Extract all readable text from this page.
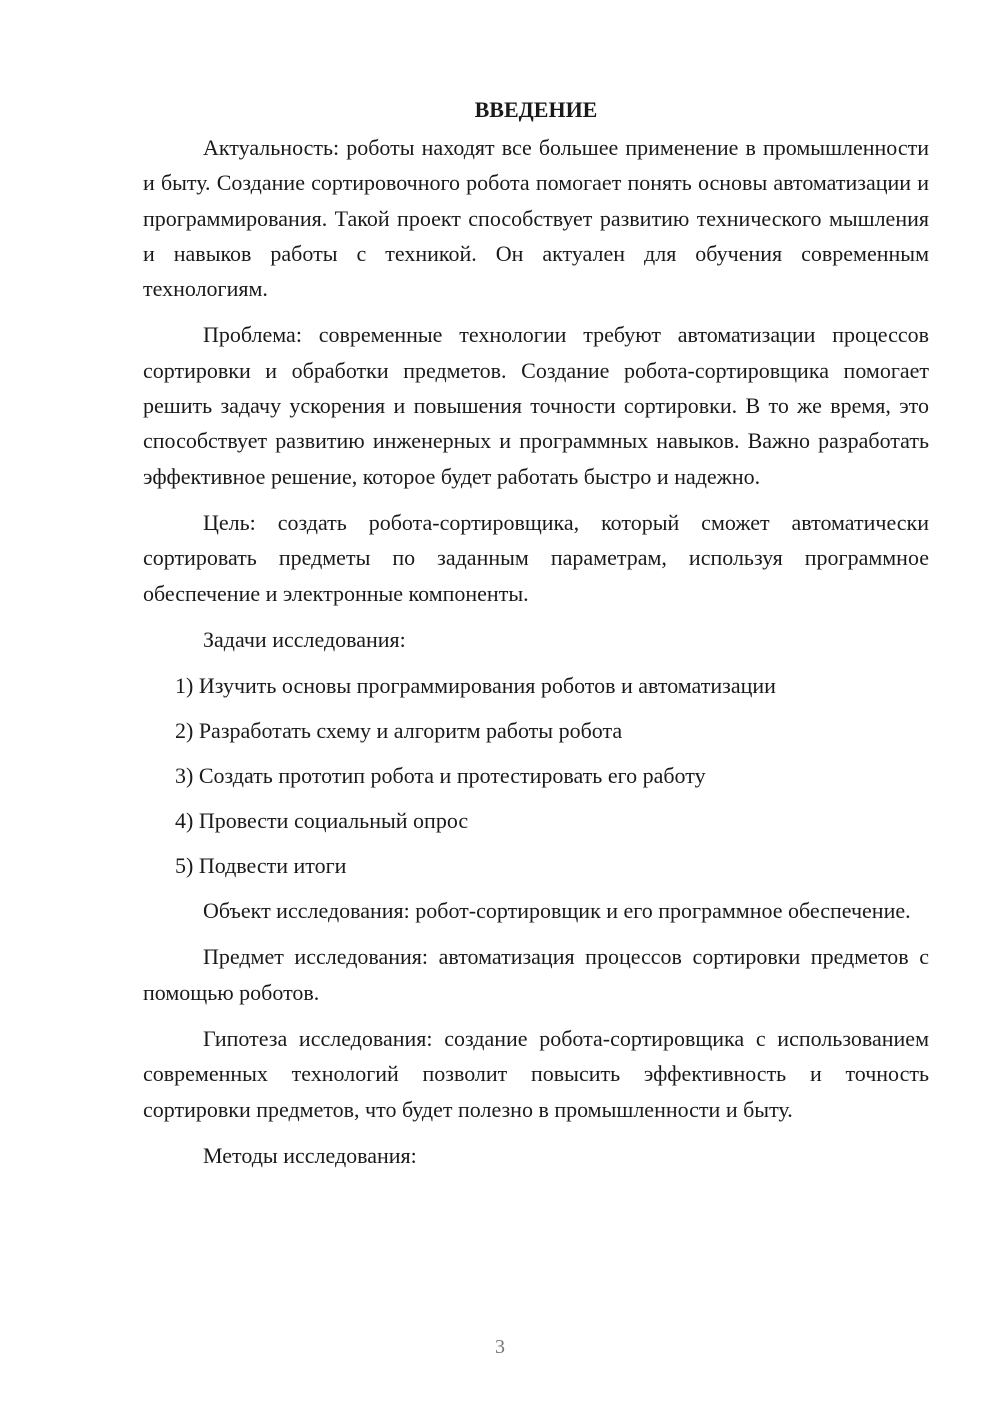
ВВЕДЕНИЕ

Актуальность: роботы находят все большее применение в промышленности и быту. Создание сортировочного робота помогает понять основы автоматизации и программирования. Такой проект способствует развитию технического мышления и навыков работы с техникой. Он актуален для обучения современным технологиям.

Проблема: современные технологии требуют автоматизации процессов сортировки и обработки предметов. Создание робота-сортировщика помогает решить задачу ускорения и повышения точности сортировки. В то же время, это способствует развитию инженерных и программных навыков. Важно разработать эффективное решение, которое будет работать быстро и надежно.

Цель: создать робота-сортировщика, который сможет автоматически сортировать предметы по заданным параметрам, используя программное обеспечение и электронные компоненты.

Задачи исследования:

1) Изучить основы программирования роботов и автоматизации
2) Разработать схему и алгоритм работы робота
3) Создать прототип робота и протестировать его работу
4) Провести социальный опрос
5) Подвести итоги

Объект исследования: робот-сортировщик и его программное обеспечение.

Предмет исследования: автоматизация процессов сортировки предметов с помощью роботов.

Гипотеза исследования: создание робота-сортировщика с использованием современных технологий позволит повысить эффективность и точность сортировки предметов, что будет полезно в промышленности и быту.

Методы исследования:

3
